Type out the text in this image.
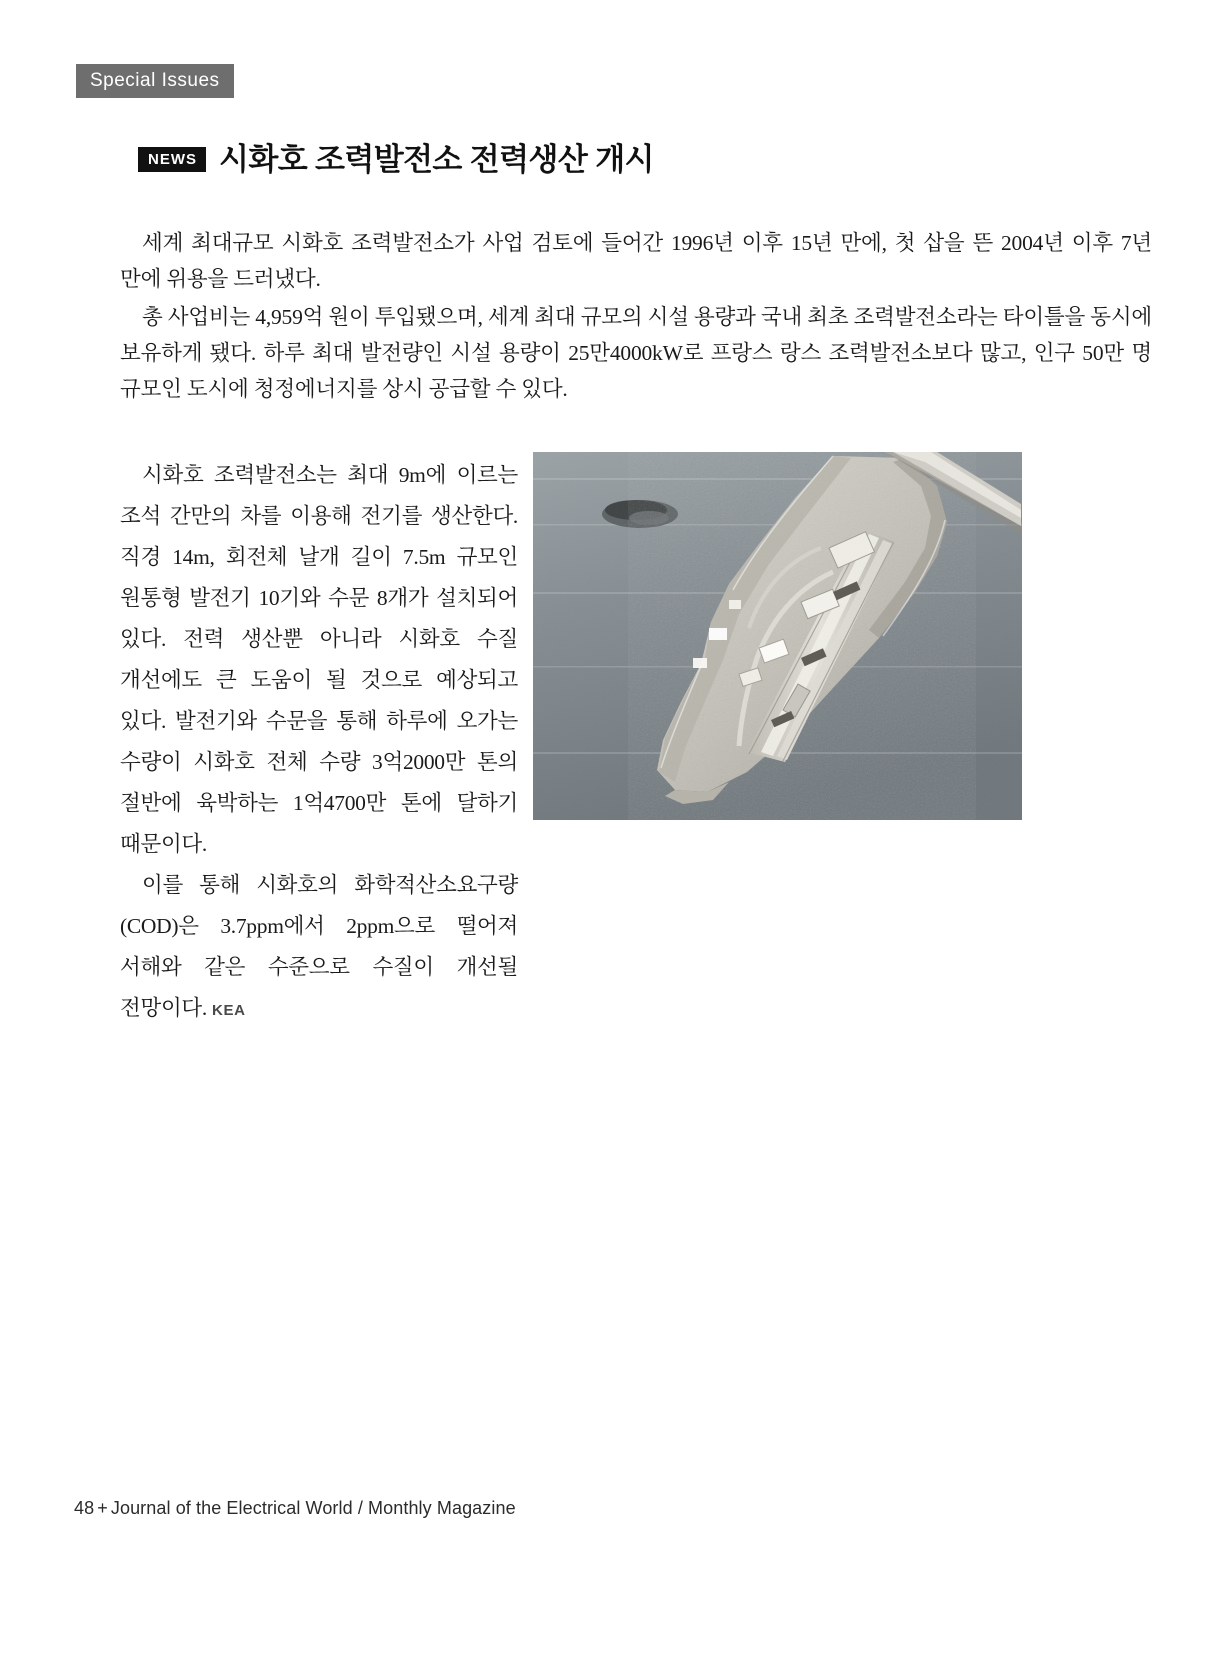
Special Issues
NEWS 시화호 조력발전소 전력생산 개시

세계 최대규모 시화호 조력발전소가 사업 검토에 들어간 1996년 이후 15년 만에, 첫 삽을 뜬 2004년 이후 7년 만에 위용을 드러냈다.

총 사업비는 4,959억 원이 투입됐으며, 세계 최대 규모의 시설 용량과 국내 최초 조력발전소라는 타이틀을 동시에 보유하게 됐다. 하루 최대 발전량인 시설 용량이 25만4000kW로 프랑스 랑스 조력발전소보다 많고, 인구 50만 명 규모인 도시에 청정에너지를 상시 공급할 수 있다.

시화호 조력발전소는 최대 9m에 이르는 조석 간만의 차를 이용해 전기를 생산한다. 직경 14m, 회전체 날개 길이 7.5m 규모인 원통형 발전기 10기와 수문 8개가 설치되어 있다. 전력 생산뿐 아니라 시화호 수질 개선에도 큰 도움이 될 것으로 예상되고 있다. 발전기와 수문을 통해 하루에 오가는 수량이 시화호 전체 수량 3억2000만 톤의 절반에 육박하는 1억4700만 톤에 달하기 때문이다.

이를 통해 시화호의 화학적산소요구량(COD)은 3.7ppm에서 2ppm으로 떨어져 서해와 같은 수준으로 수질이 개선될 전망이다. KEA

48 + Journal of the Electrical World / Monthly Magazine
